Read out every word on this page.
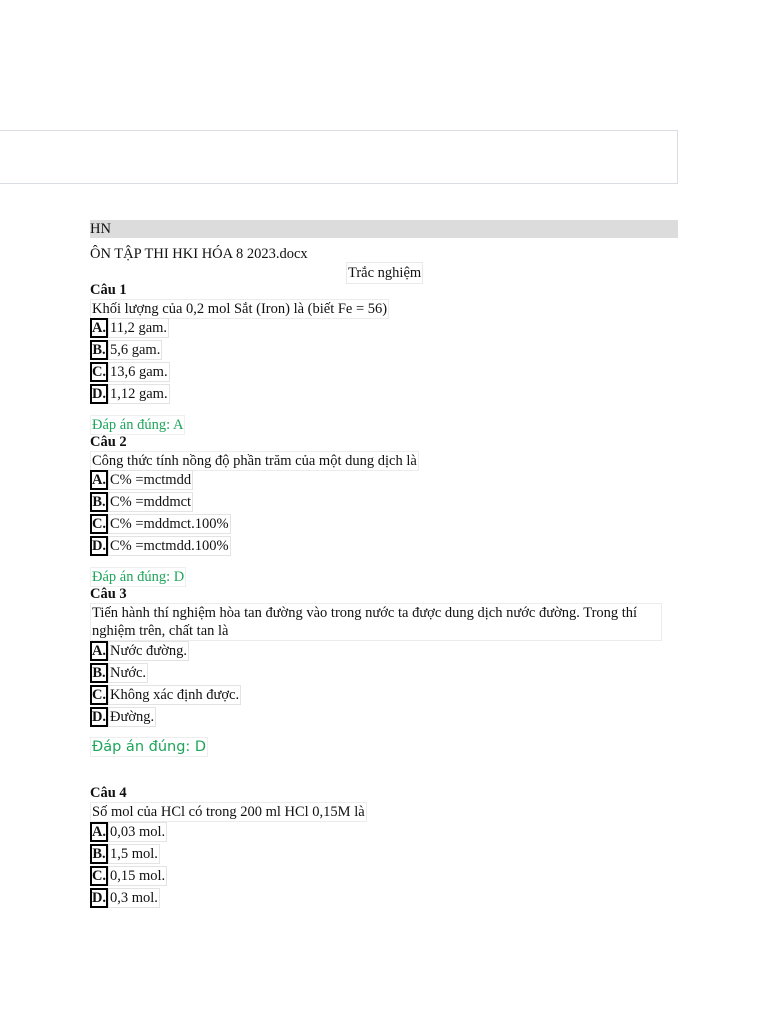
HN
ÔN TẬP THI HKI HÓA 8 2023.docx
Trắc nghiệm
Câu 1
Khối lượng của 0,2 mol Sắt (Iron) là (biết Fe = 56)
A. 11,2 gam.
B. 5,6 gam.
C. 13,6 gam.
D. 1,12 gam.
Đáp án đúng: A
Câu 2
Công thức tính nồng độ phần trăm của một dung dịch là
A. C% =mctmdd
B. C% =mddmct
C. C% =mddmct.100%
D. C% =mctmdd.100%
Đáp án đúng: D
Câu 3
Tiến hành thí nghiệm hòa tan đường vào trong nước ta được dung dịch nước đường. Trong thí nghiệm trên, chất tan là
A. Nước đường.
B. Nước.
C. Không xác định được.
D. Đường.
Đáp án đúng: D
Câu 4
Số mol của HCl có trong 200 ml HCl 0,15M là
A. 0,03 mol.
B. 1,5 mol.
C. 0,15 mol.
D. 0,3 mol.
